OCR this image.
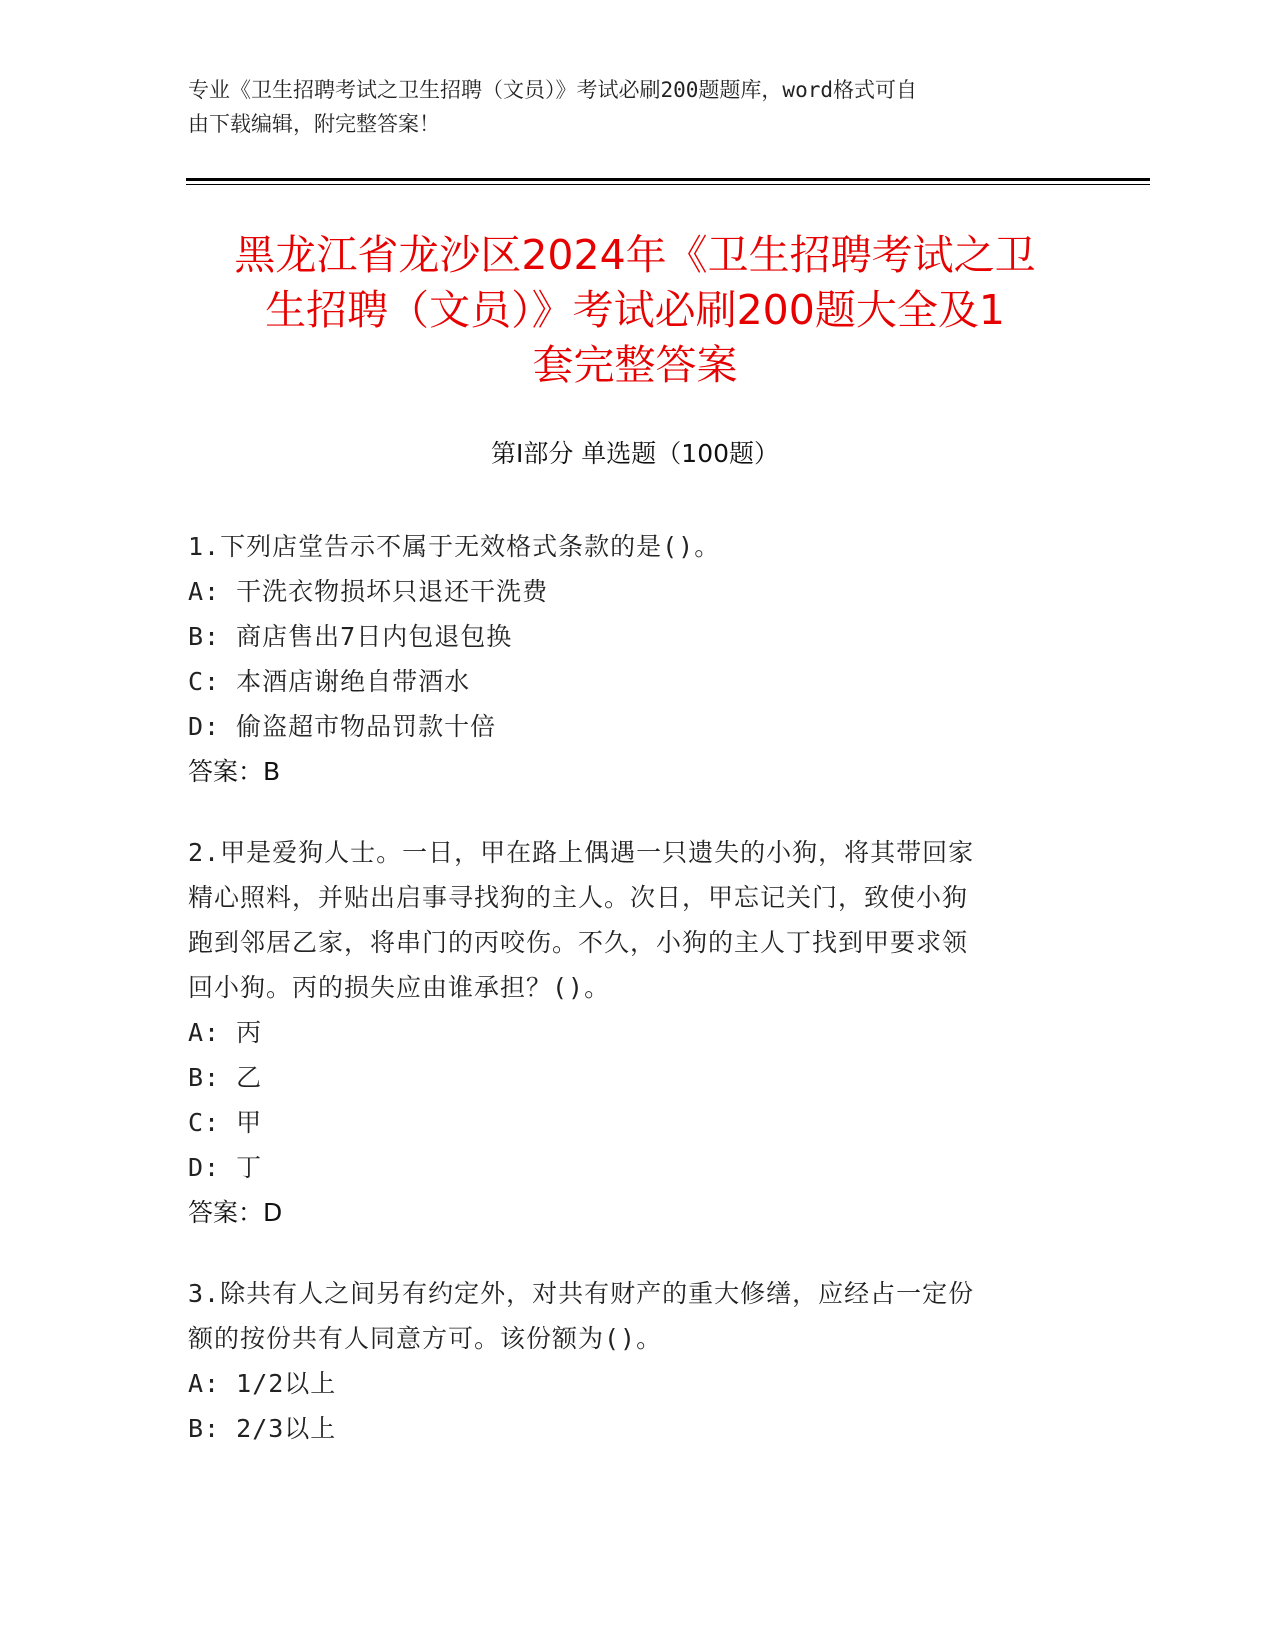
专业《卫生招聘考试之卫生招聘（文员）》考试必刷200题题库，word格式可自
由下载编辑，附完整答案！
黑龙江省龙沙区2024年《卫生招聘考试之卫
生招聘（文员）》考试必刷200题大全及1
套完整答案
第I部分 单选题（100题）
1.下列店堂告示不属于无效格式条款的是()。
A: 干洗衣物损坏只退还干洗费
B: 商店售出7日内包退包换
C: 本酒店谢绝自带酒水
D: 偷盗超市物品罚款十倍
答案：B
2.甲是爱狗人士。一日，甲在路上偶遇一只遗失的小狗，将其带回家
精心照料，并贴出启事寻找狗的主人。次日，甲忘记关门，致使小狗
跑到邻居乙家，将串门的丙咬伤。不久，小狗的主人丁找到甲要求领
回小狗。丙的损失应由谁承担？()。
A: 丙
B: 乙
C: 甲
D: 丁
答案：D
3.除共有人之间另有约定外，对共有财产的重大修缮，应经占一定份
额的按份共有人同意方可。该份额为()。
A: 1/2以上
B: 2/3以上
